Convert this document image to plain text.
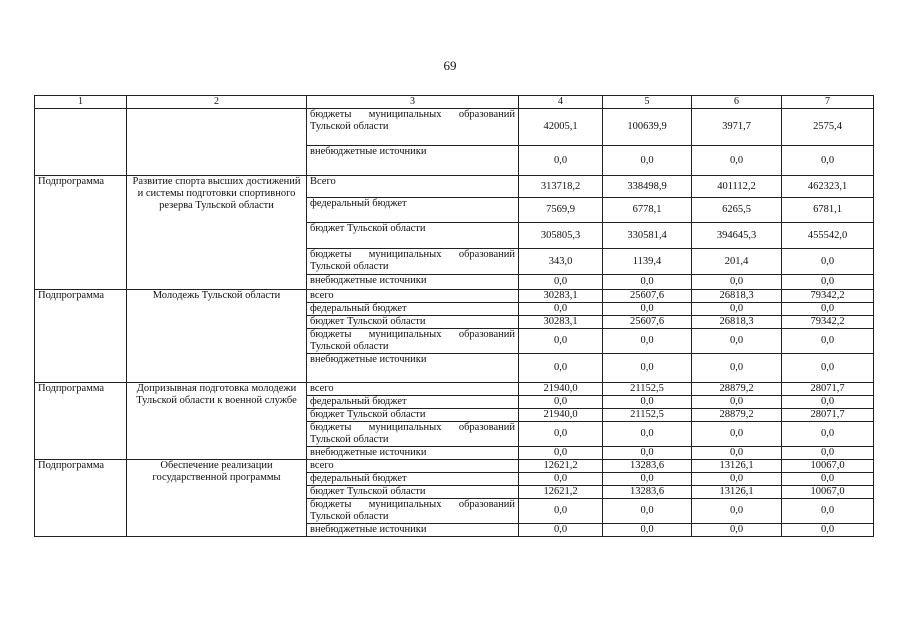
69
1	2	3	4	5	6	7
		бюджеты муниципальных образований Тульской области	42005,1	100639,9	3971,7	2575,4
		внебюджетные источники	0,0	0,0	0,0	0,0
Подпрограмма	Развитие спорта высших достижений и системы подготовки спортивного резерва Тульской области	Всего	313718,2	338498,9	401112,2	462323,1
		федеральный бюджет	7569,9	6778,1	6265,5	6781,1
		бюджет Тульской области	305805,3	330581,4	394645,3	455542,0
		бюджеты муниципальных образований Тульской области	343,0	1139,4	201,4	0,0
		внебюджетные источники	0,0	0,0	0,0	0,0
Подпрограмма	Молодежь Тульской области	всего	30283,1	25607,6	26818,3	79342,2
		федеральный бюджет	0,0	0,0	0,0	0,0
		бюджет Тульской области	30283,1	25607,6	26818,3	79342,2
		бюджеты муниципальных образований Тульской области	0,0	0,0	0,0	0,0
		внебюджетные источники	0,0	0,0	0,0	0,0
Подпрограмма	Допризывная подготовка молодежи Тульской области к военной службе	всего	21940,0	21152,5	28879,2	28071,7
		федеральный бюджет	0,0	0,0	0,0	0,0
		бюджет Тульской области	21940,0	21152,5	28879,2	28071,7
		бюджеты муниципальных образований Тульской области	0,0	0,0	0,0	0,0
		внебюджетные источники	0,0	0,0	0,0	0,0
Подпрограмма	Обеспечение реализации государственной программы	всего	12621,2	13283,6	13126,1	10067,0
		федеральный бюджет	0,0	0,0	0,0	0,0
		бюджет Тульской области	12621,2	13283,6	13126,1	10067,0
		бюджеты муниципальных образований Тульской области	0,0	0,0	0,0	0,0
		внебюджетные источники	0,0	0,0	0,0	0,0
